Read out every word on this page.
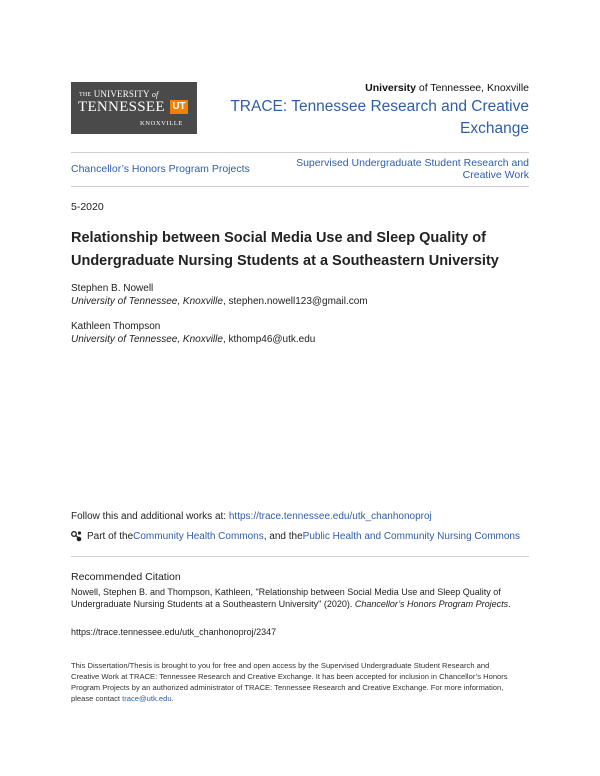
THE UNIVERSITY of
TENNESSEE UT
KNOXVILLE
University of Tennessee, Knoxville
TRACE: Tennessee Research and Creative Exchange
Chancellor’s Honors Program Projects	Supervised Undergraduate Student Research and Creative Work
5-2020
Relationship between Social Media Use and Sleep Quality of Undergraduate Nursing Students at a Southeastern University
Stephen B. Nowell
University of Tennessee, Knoxville, stephen.nowell123@gmail.com
Kathleen Thompson
University of Tennessee, Knoxville, kthomp46@utk.edu
Follow this and additional works at: https://trace.tennessee.edu/utk_chanhonoproj
Part of the Community Health Commons , and the Public Health and Community Nursing Commons
Recommended Citation
Nowell, Stephen B. and Thompson, Kathleen, "Relationship between Social Media Use and Sleep Quality of Undergraduate Nursing Students at a Southeastern University" (2020). Chancellor’s Honors Program Projects.
https://trace.tennessee.edu/utk_chanhonoproj/2347
This Dissertation/Thesis is brought to you for free and open access by the Supervised Undergraduate Student Research and Creative Work at TRACE: Tennessee Research and Creative Exchange. It has been accepted for inclusion in Chancellor’s Honors Program Projects by an authorized administrator of TRACE: Tennessee Research and Creative Exchange. For more information, please contact trace@utk.edu.
